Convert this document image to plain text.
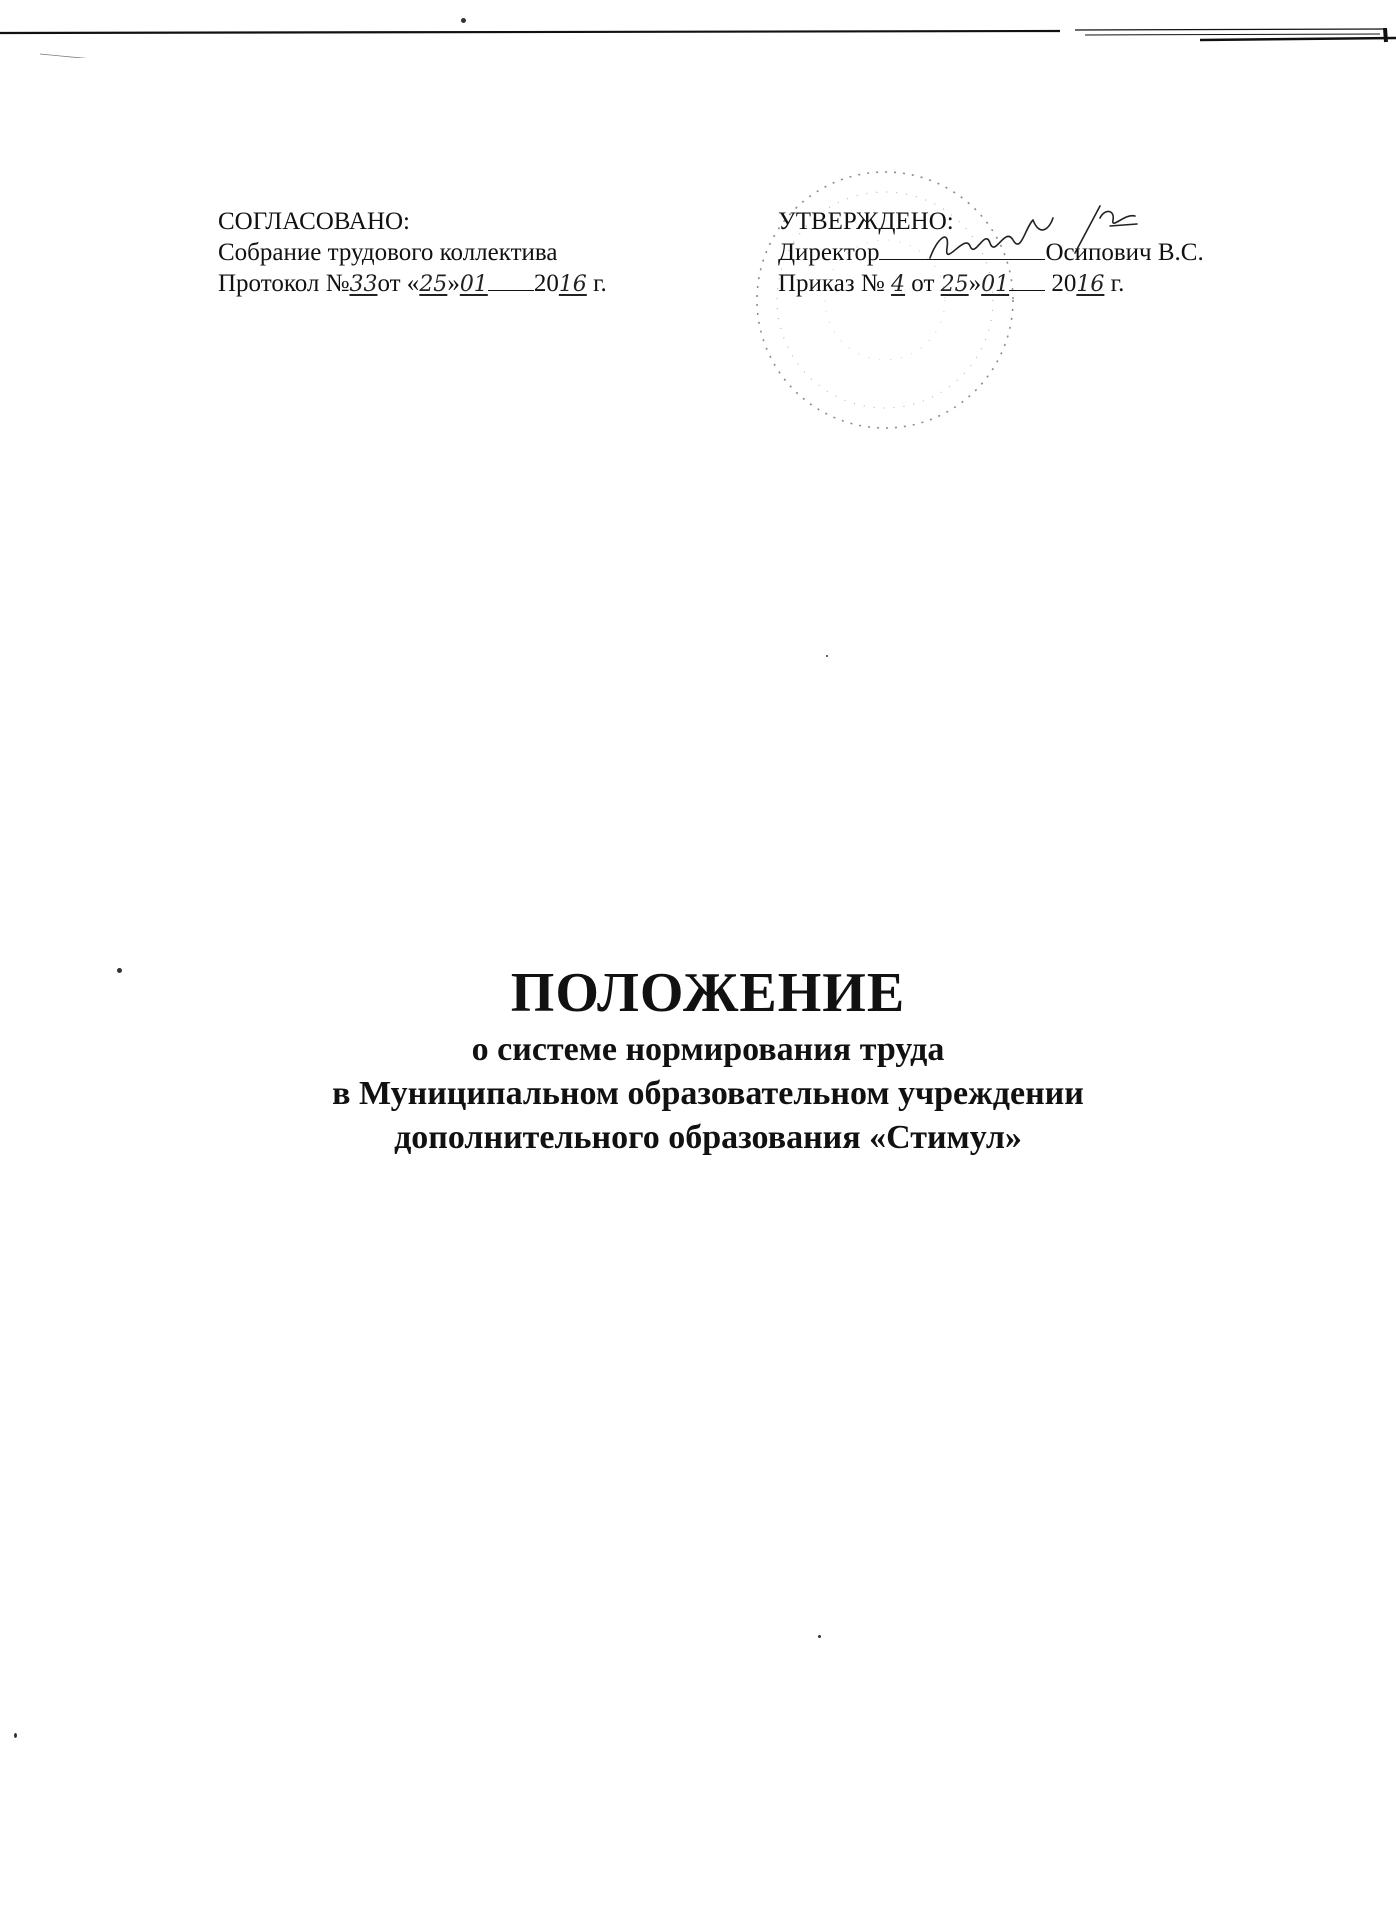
СОГЛАСОВАНО:
Собрание трудового коллектива
Протокол №33от «25»01 2016 г.
УТВЕРЖДЕНО:
Директор	Осипович В.С.
Приказ № 4 от 25»01 2016 г.
ПОЛОЖЕНИЕ
о системе нормирования труда
в Муниципальном образовательном учреждении
дополнительного образования «Стимул»
